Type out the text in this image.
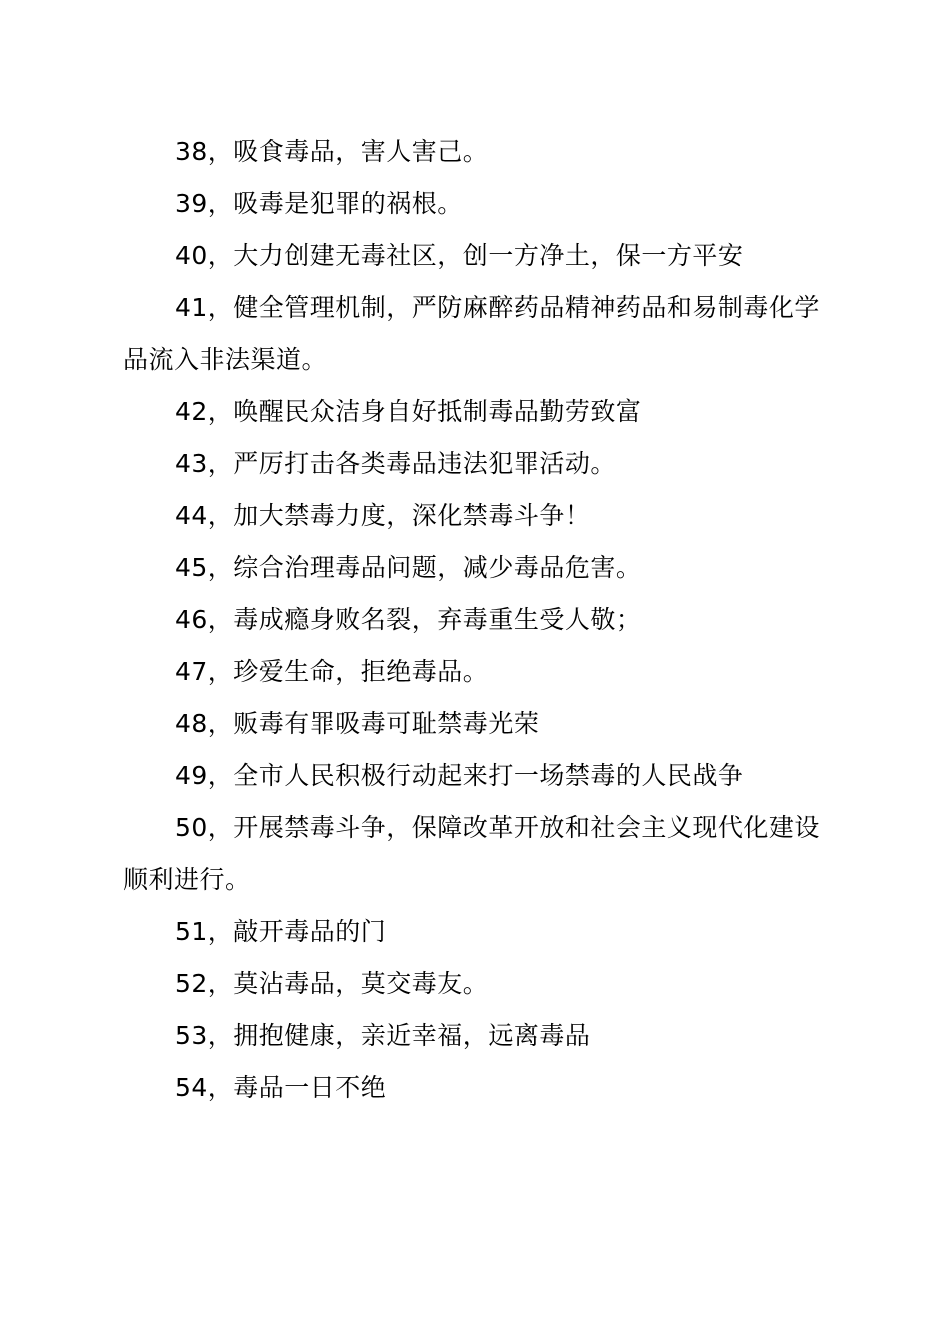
38，吸食毒品，害人害己。

39，吸毒是犯罪的祸根。

40，大力创建无毒社区，创一方净土，保一方平安

41，健全管理机制，严防麻醉药品精神药品和易制毒化学品流入非法渠道。

42，唤醒民众洁身自好抵制毒品勤劳致富

43，严厉打击各类毒品违法犯罪活动。

44，加大禁毒力度，深化禁毒斗争！

45，综合治理毒品问题，减少毒品危害。

46，毒成瘾身败名裂，弃毒重生受人敬；

47，珍爱生命，拒绝毒品。

48，贩毒有罪吸毒可耻禁毒光荣

49，全市人民积极行动起来打一场禁毒的人民战争

50，开展禁毒斗争，保障改革开放和社会主义现代化建设顺利进行。

51，敲开毒品的门

52，莫沾毒品，莫交毒友。

53，拥抱健康，亲近幸福，远离毒品

54，毒品一日不绝
